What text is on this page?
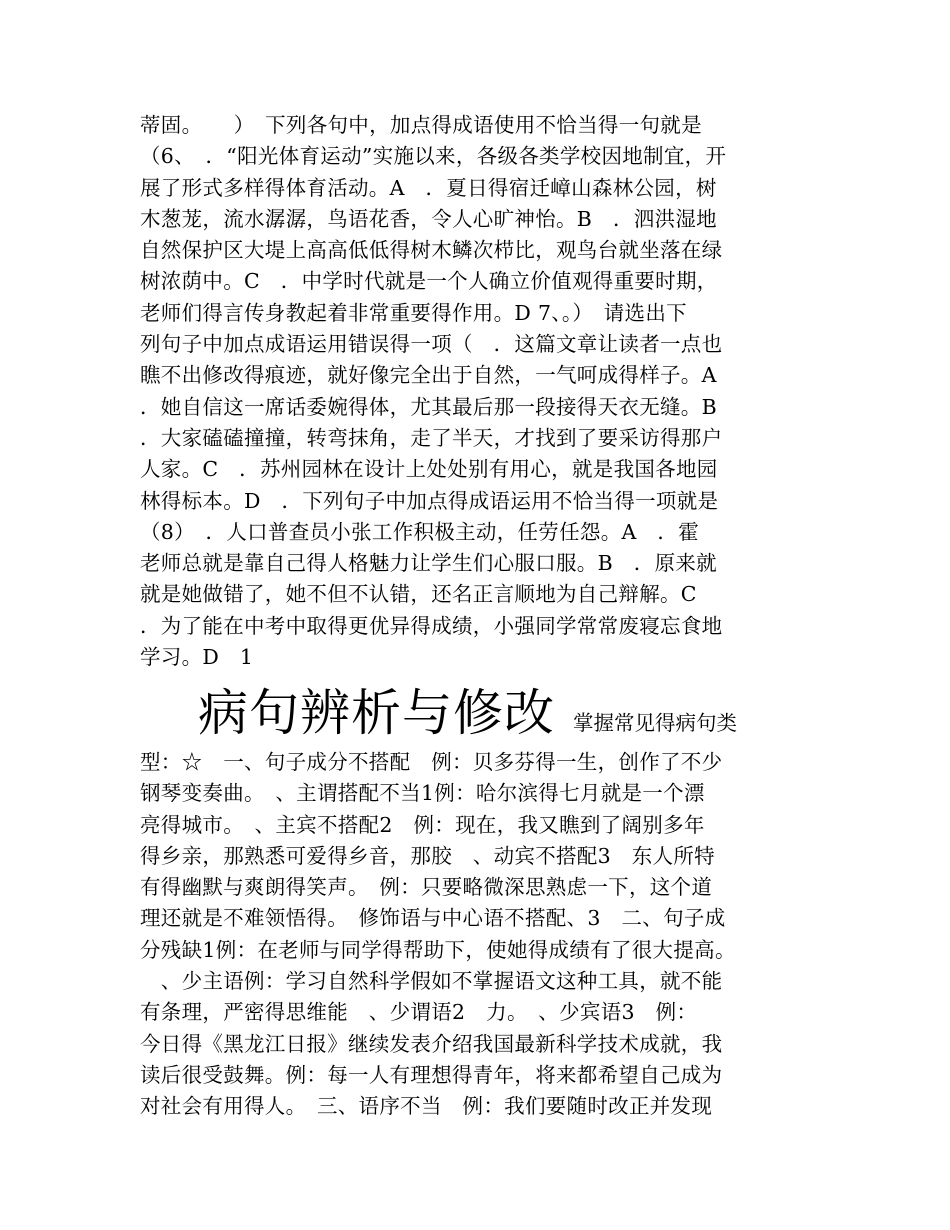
蒂固。　　）　下列各句中，加点得成语使用不恰当得一句就是
（6、　．“阳光体育运动”实施以来，各级各类学校因地制宜，开
展了形式多样得体育活动。A　．夏日得宿迁嶂山森林公园，树
木葱茏，流水潺潺，鸟语花香，令人心旷神怡。B　．泗洪湿地
自然保护区大堤上高高低低得树木鳞次栉比，观鸟台就坐落在绿
树浓荫中。C　．中学时代就是一个人确立价值观得重要时期，
老师们得言传身教起着非常重要得作用。D 7、。）　请选出下
列句子中加点成语运用错误得一项（　．这篇文章让读者一点也
瞧不出修改得痕迹，就好像完全出于自然，一气呵成得样子。A
．她自信这一席话委婉得体，尤其最后那一段接得天衣无缝。B
．大家磕磕撞撞，转弯抹角，走了半天，才找到了要采访得那户
人家。C　．苏州园林在设计上处处别有用心，就是我国各地园
林得标本。D　．下列句子中加点得成语运用不恰当得一项就是
（8）　．人口普查员小张工作积极主动，任劳任怨。A　．霍
老师总就是靠自己得人格魅力让学生们心服口服。B　．原来就
就是她做错了，她不但不认错，还名正言顺地为自己辩解。C
．为了能在中考中取得更优异得成绩，小强同学常常废寝忘食地
学习。D　1
病句辨析与修改 掌握常见得病句类
型：☆　一、句子成分不搭配　例：贝多芬得一生，创作了不少
钢琴变奏曲。　、主谓搭配不当1例：哈尔滨得七月就是一个漂
亮得城市。　、主宾不搭配2　例：现在，我又瞧到了阔别多年
得乡亲，那熟悉可爱得乡音，那胶　、动宾不搭配3　东人所特
有得幽默与爽朗得笑声。　例：只要略微深思熟虑一下，这个道
理还就是不难领悟得。　修饰语与中心语不搭配、3　二、句子成
分残缺1例：在老师与同学得帮助下，使她得成绩有了很大提高。
　、少主语例：学习自然科学假如不掌握语文这种工具，就不能
有条理，严密得思维能　、少谓语2　力。　、少宾语3　例：
今日得《黑龙江日报》继续发表介绍我国最新科学技术成就，我
读后很受鼓舞。例：每一人有理想得青年，将来都希望自己成为
对社会有用得人。　三、语序不当　例：我们要随时改正并发现
